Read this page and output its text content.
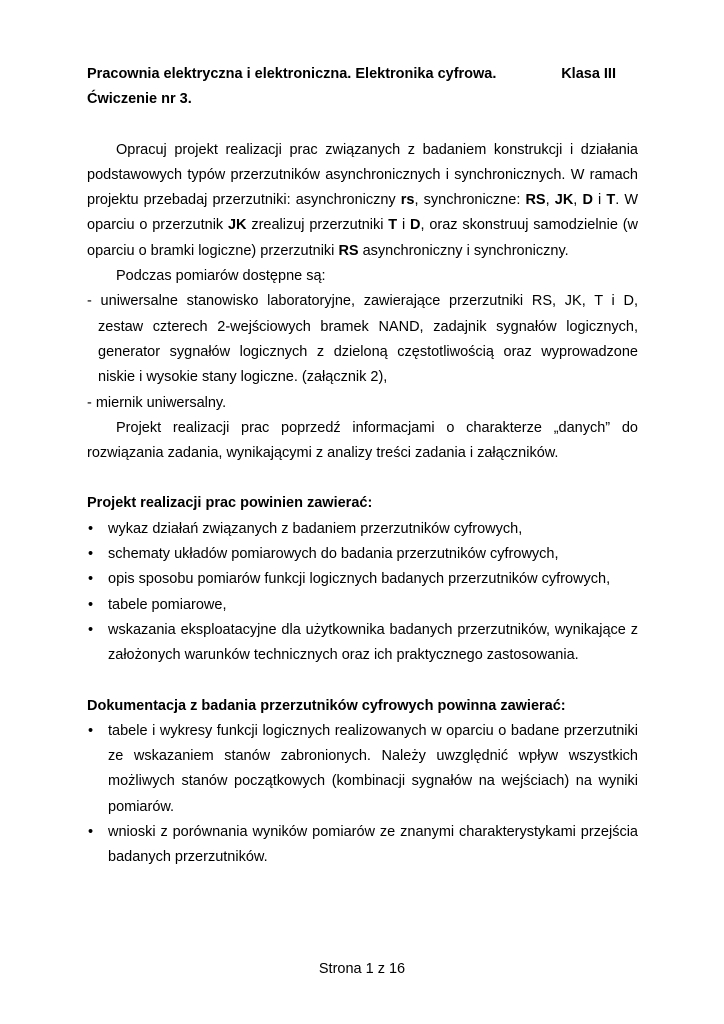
Pracownia elektryczna i elektroniczna. Elektronika cyfrowa.	Klasa III
Ćwiczenie nr 3.

Opracuj projekt realizacji prac związanych z badaniem konstrukcji i działania podstawowych typów przerzutników asynchronicznych i synchronicznych. W ramach projektu przebadaj przerzutniki: asynchroniczny rs, synchroniczne: RS, JK, D i T. W oparciu o przerzutnik JK zrealizuj przerzutniki T i D, oraz skonstruuj samodzielnie (w oparciu o bramki logiczne) przerzutniki RS asynchroniczny i synchroniczny.

Podczas pomiarów dostępne są:

- uniwersalne stanowisko laboratoryjne, zawierające przerzutniki RS, JK, T i D, zestaw czterech 2-wejściowych bramek NAND, zadajnik sygnałów logicznych, generator sygnałów logicznych z dzieloną częstotliwością oraz wyprowadzone niskie i wysokie stany logiczne. (załącznik 2),

- miernik uniwersalny.

Projekt realizacji prac poprzedź informacjami o charakterze „danych” do rozwiązania zadania, wynikającymi z analizy treści zadania i załączników.

Projekt realizacji prac powinien zawierać:
• wykaz działań związanych z badaniem przerzutników cyfrowych,
• schematy układów pomiarowych do badania przerzutników cyfrowych,
• opis sposobu pomiarów funkcji logicznych badanych przerzutników cyfrowych,
• tabele pomiarowe,
• wskazania eksploatacyjne dla użytkownika badanych przerzutników, wynikające z założonych warunków technicznych oraz ich praktycznego zastosowania.
Dokumentacja z badania przerzutników cyfrowych powinna zawierać:
• tabele i wykresy funkcji logicznych realizowanych w oparciu o badane przerzutniki ze wskazaniem stanów zabronionych. Należy uwzględnić wpływ wszystkich możliwych stanów początkowych (kombinacji sygnałów na wejściach) na wyniki pomiarów.
• wnioski z porównania wyników pomiarów ze znanymi charakterystykami przejścia badanych przerzutników.
Strona 1 z 16
